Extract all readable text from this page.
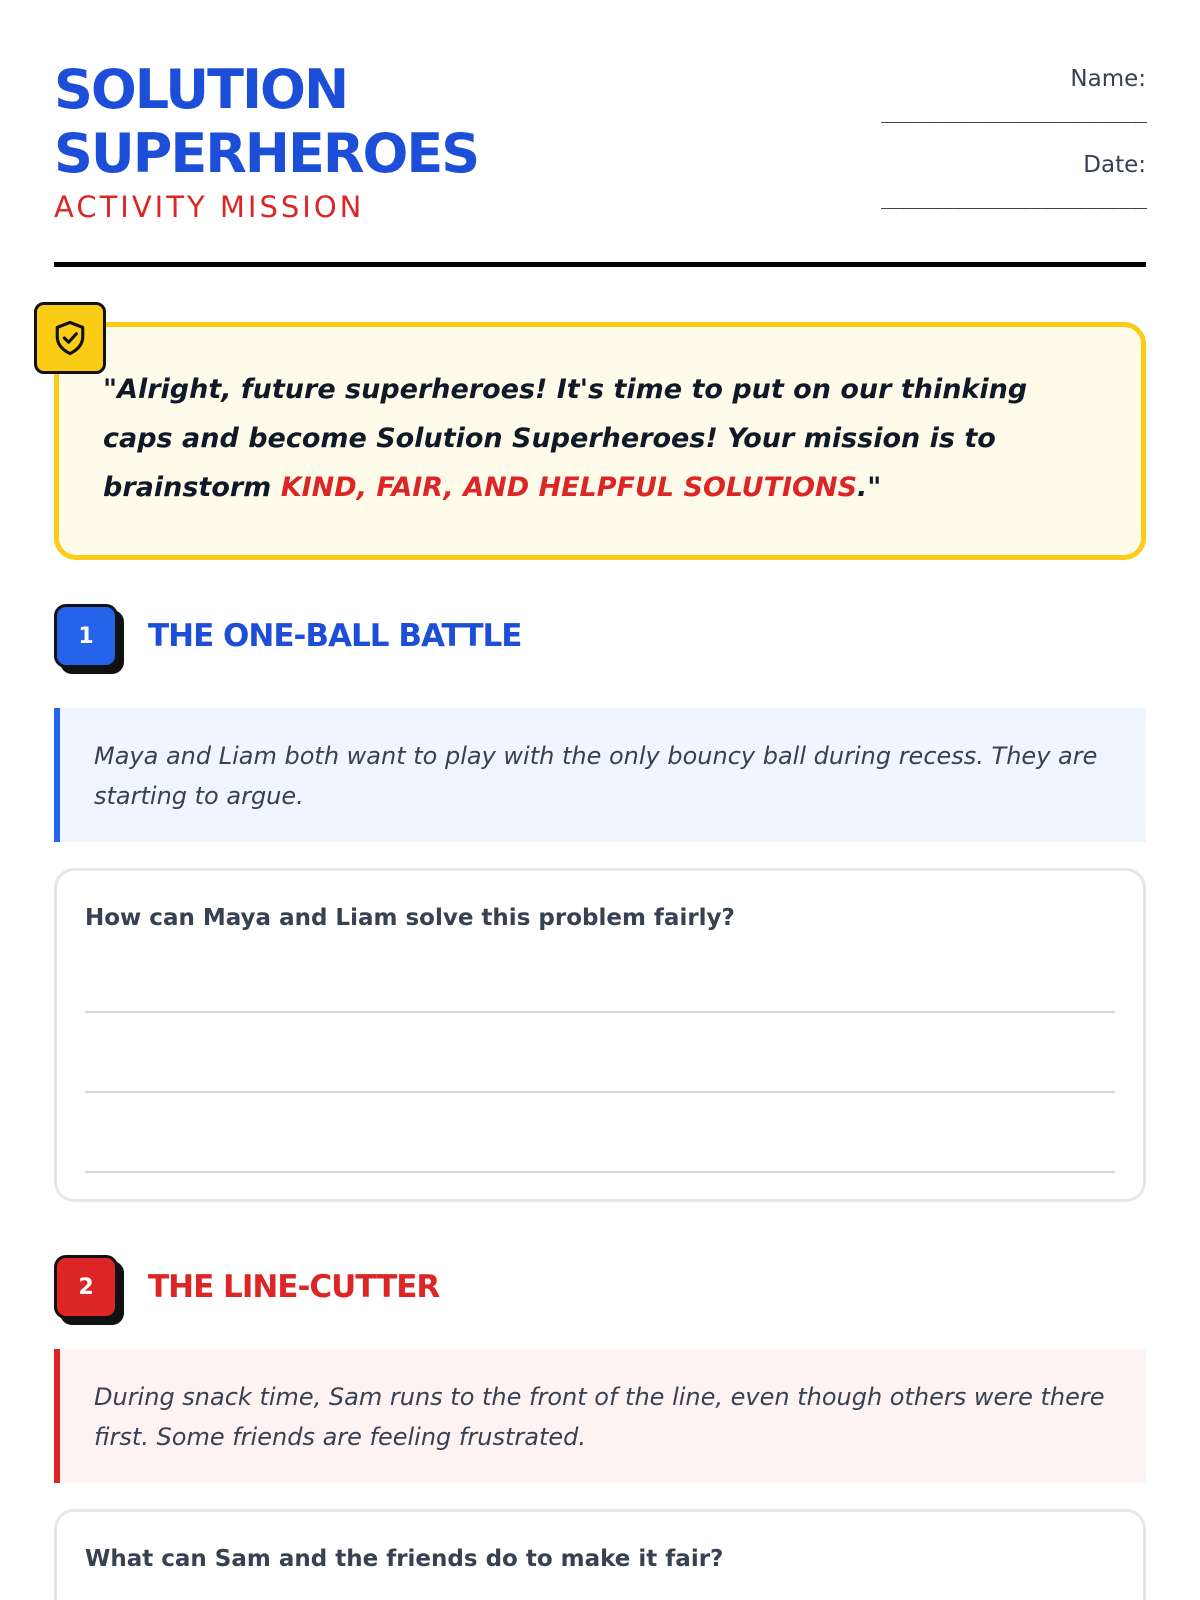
SOLUTION
SUPERHEROES
ACTIVITY MISSION
Name:
________________________
Date:
________________________

"Alright, future superheroes! It's time to put on our thinking caps and become Solution Superheroes! Your mission is to brainstorm KIND, FAIR, AND HELPFUL SOLUTIONS."

1	THE ONE-BALL BATTLE

Maya and Liam both want to play with the only bouncy ball during recess. They are starting to argue.

How can Maya and Liam solve this problem fairly?

2	THE LINE-CUTTER

During snack time, Sam runs to the front of the line, even though others were there first. Some friends are feeling frustrated.

What can Sam and the friends do to make it fair?
